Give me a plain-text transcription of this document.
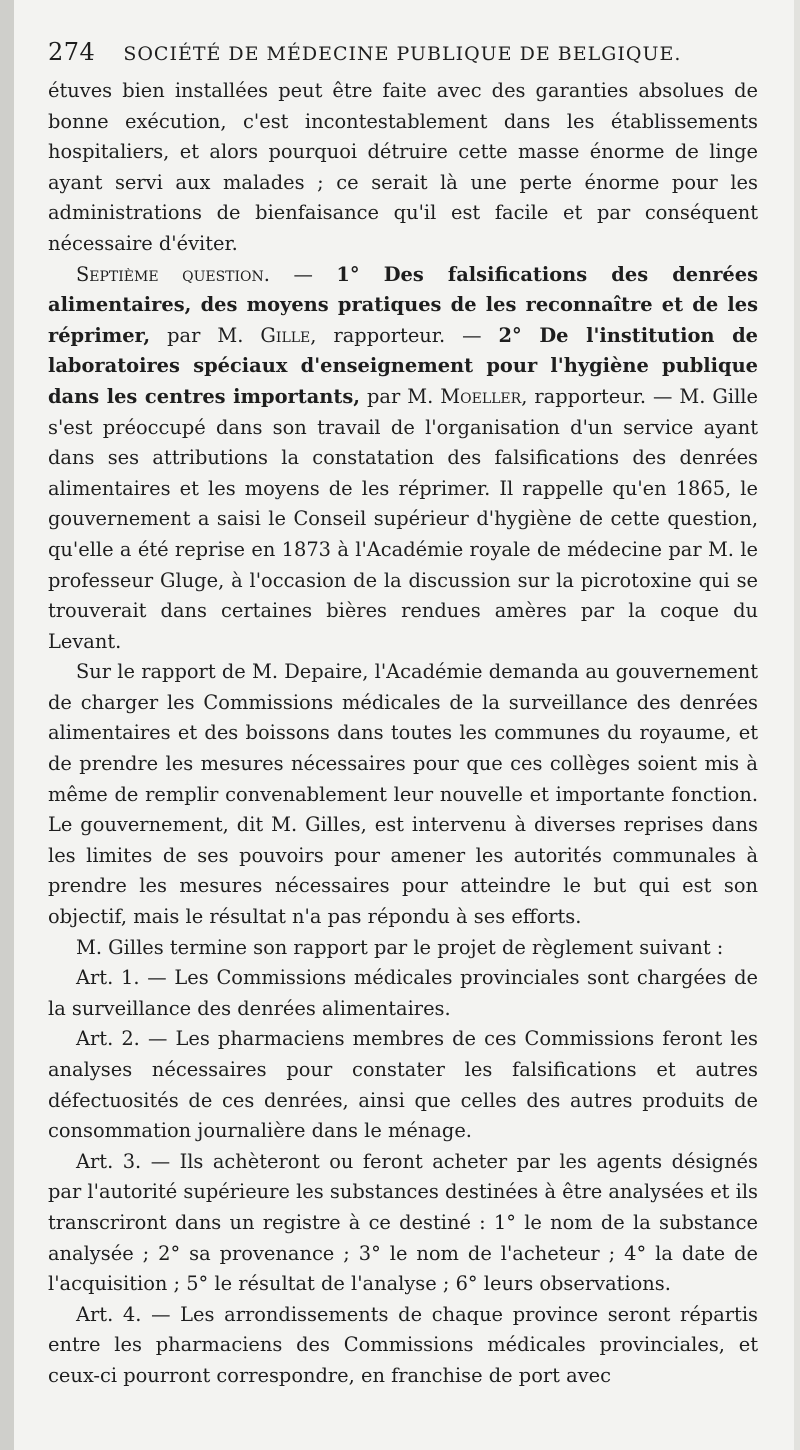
274 SOCIÉTÉ DE MÉDECINE PUBLIQUE DE BELGIQUE.

étuves bien installées peut être faite avec des garanties absolues de bonne exécution, c'est incontestablement dans les établissements hospitaliers, et alors pourquoi détruire cette masse énorme de linge ayant servi aux malades ; ce serait là une perte énorme pour les administrations de bienfaisance qu'il est facile et par conséquent nécessaire d'éviter.

Septième question. — 1° Des falsifications des denrées alimentaires, des moyens pratiques de les reconnaître et de les réprimer, par M. Gille, rapporteur. — 2° De l'institution de laboratoires spéciaux d'enseignement pour l'hygiène publique dans les centres importants, par M. Moeller, rapporteur. — M. Gille s'est préoccupé dans son travail de l'organisation d'un service ayant dans ses attributions la constatation des falsifications des denrées alimentaires et les moyens de les réprimer. Il rappelle qu'en 1865, le gouvernement a saisi le Conseil supérieur d'hygiène de cette question, qu'elle a été reprise en 1873 à l'Académie royale de médecine par M. le professeur Gluge, à l'occasion de la discussion sur la picrotoxine qui se trouverait dans certaines bières rendues amères par la coque du Levant.

Sur le rapport de M. Depaire, l'Académie demanda au gouvernement de charger les Commissions médicales de la surveillance des denrées alimentaires et des boissons dans toutes les communes du royaume, et de prendre les mesures nécessaires pour que ces collèges soient mis à même de remplir convenablement leur nouvelle et importante fonction. Le gouvernement, dit M. Gilles, est intervenu à diverses reprises dans les limites de ses pouvoirs pour amener les autorités communales à prendre les mesures nécessaires pour atteindre le but qui est son objectif, mais le résultat n'a pas répondu à ses efforts.

M. Gilles termine son rapport par le projet de règlement suivant :

Art. 1. — Les Commissions médicales provinciales sont chargées de la surveillance des denrées alimentaires.

Art. 2. — Les pharmaciens membres de ces Commissions feront les analyses nécessaires pour constater les falsifications et autres défectuosités de ces denrées, ainsi que celles des autres produits de consommation journalière dans le ménage.

Art. 3. — Ils achèteront ou feront acheter par les agents désignés par l'autorité supérieure les substances destinées à être analysées et ils transcriront dans un registre à ce destiné : 1° le nom de la substance analysée ; 2° sa provenance ; 3° le nom de l'acheteur ; 4° la date de l'acquisition ; 5° le résultat de l'analyse ; 6° leurs observations.

Art. 4. — Les arrondissements de chaque province seront répartis entre les pharmaciens des Commissions médicales provinciales, et ceux-ci pourront correspondre, en franchise de port avec
